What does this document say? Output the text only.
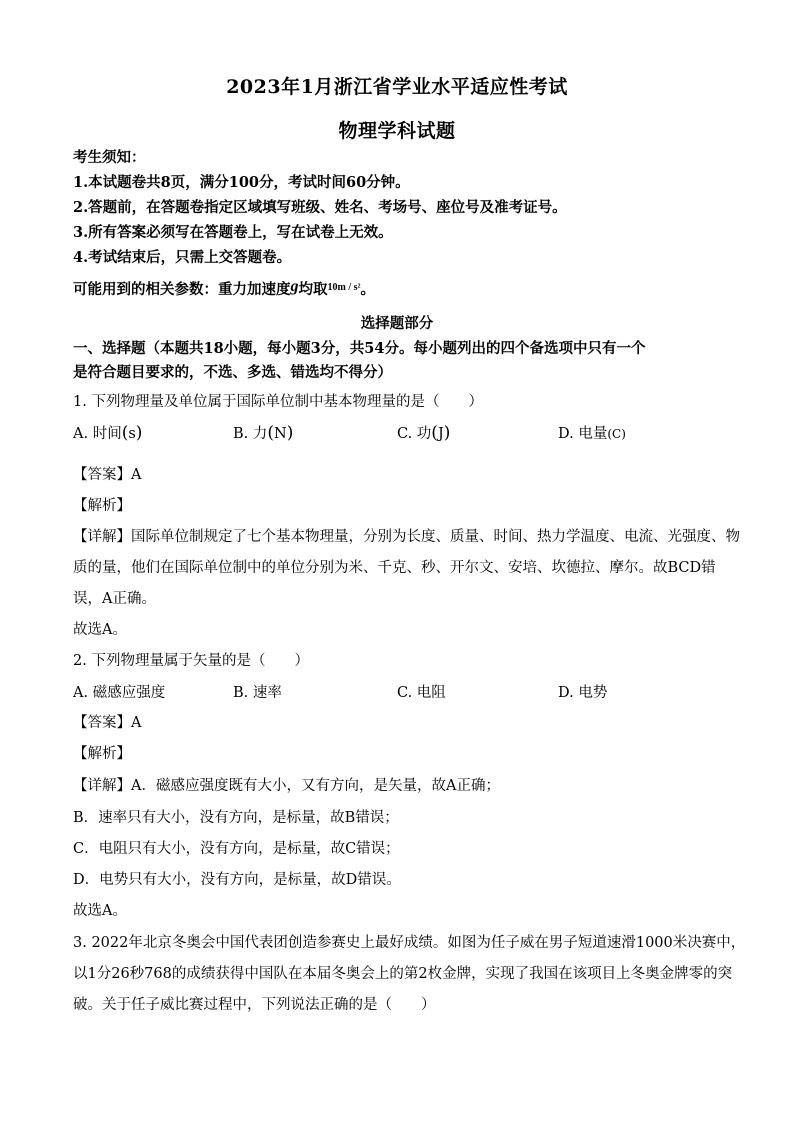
2023年1月浙江省学业水平适应性考试
物理学科试题
考生须知：
1.本试题卷共8页，满分100分，考试时间60分钟。
2.答题前，在答题卷指定区域填写班级、姓名、考场号、座位号及准考证号。
3.所有答案必须写在答题卷上，写在试卷上无效。
4.考试结束后，只需上交答题卷。
可能用到的相关参数：重力加速度g均取$^{10m / s^2}$。
选择题部分
一、选择题（本题共18小题，每小题3分，共54分。每小题列出的四个备选项中只有一个
是符合题目要求的，不选、多选、错选均不得分）
1. 下列物理量及单位属于国际单位制中基本物理量的是（　　）
A. 时间(s)	B. 力(N)	C. 功(J)	D. 电量(C)
【答案】A
【解析】
【详解】国际单位制规定了七个基本物理量，分别为长度、质量、时间、热力学温度、电流、光强度、物
质的量，他们在国际单位制中的单位分别为米、千克、秒、开尔文、安培、坎德拉、摩尔。故BCD错
误，A正确。
故选A。
2. 下列物理量属于矢量的是（　　）
A. 磁感应强度	B. 速率	C. 电阻	D. 电势
【答案】A
【解析】
【详解】A．磁感应强度既有大小，又有方向，是矢量，故A正确；
B．速率只有大小，没有方向，是标量，故B错误；
C．电阻只有大小，没有方向，是标量，故C错误；
D．电势只有大小，没有方向，是标量，故D错误。
故选A。
3. 2022年北京冬奥会中国代表团创造参赛史上最好成绩。如图为任子威在男子短道速滑1000米决赛中，
以1分26秒768的成绩获得中国队在本届冬奥会上的第2枚金牌，实现了我国在该项目上冬奥金牌零的突
破。关于任子威比赛过程中，下列说法正确的是（　　）
